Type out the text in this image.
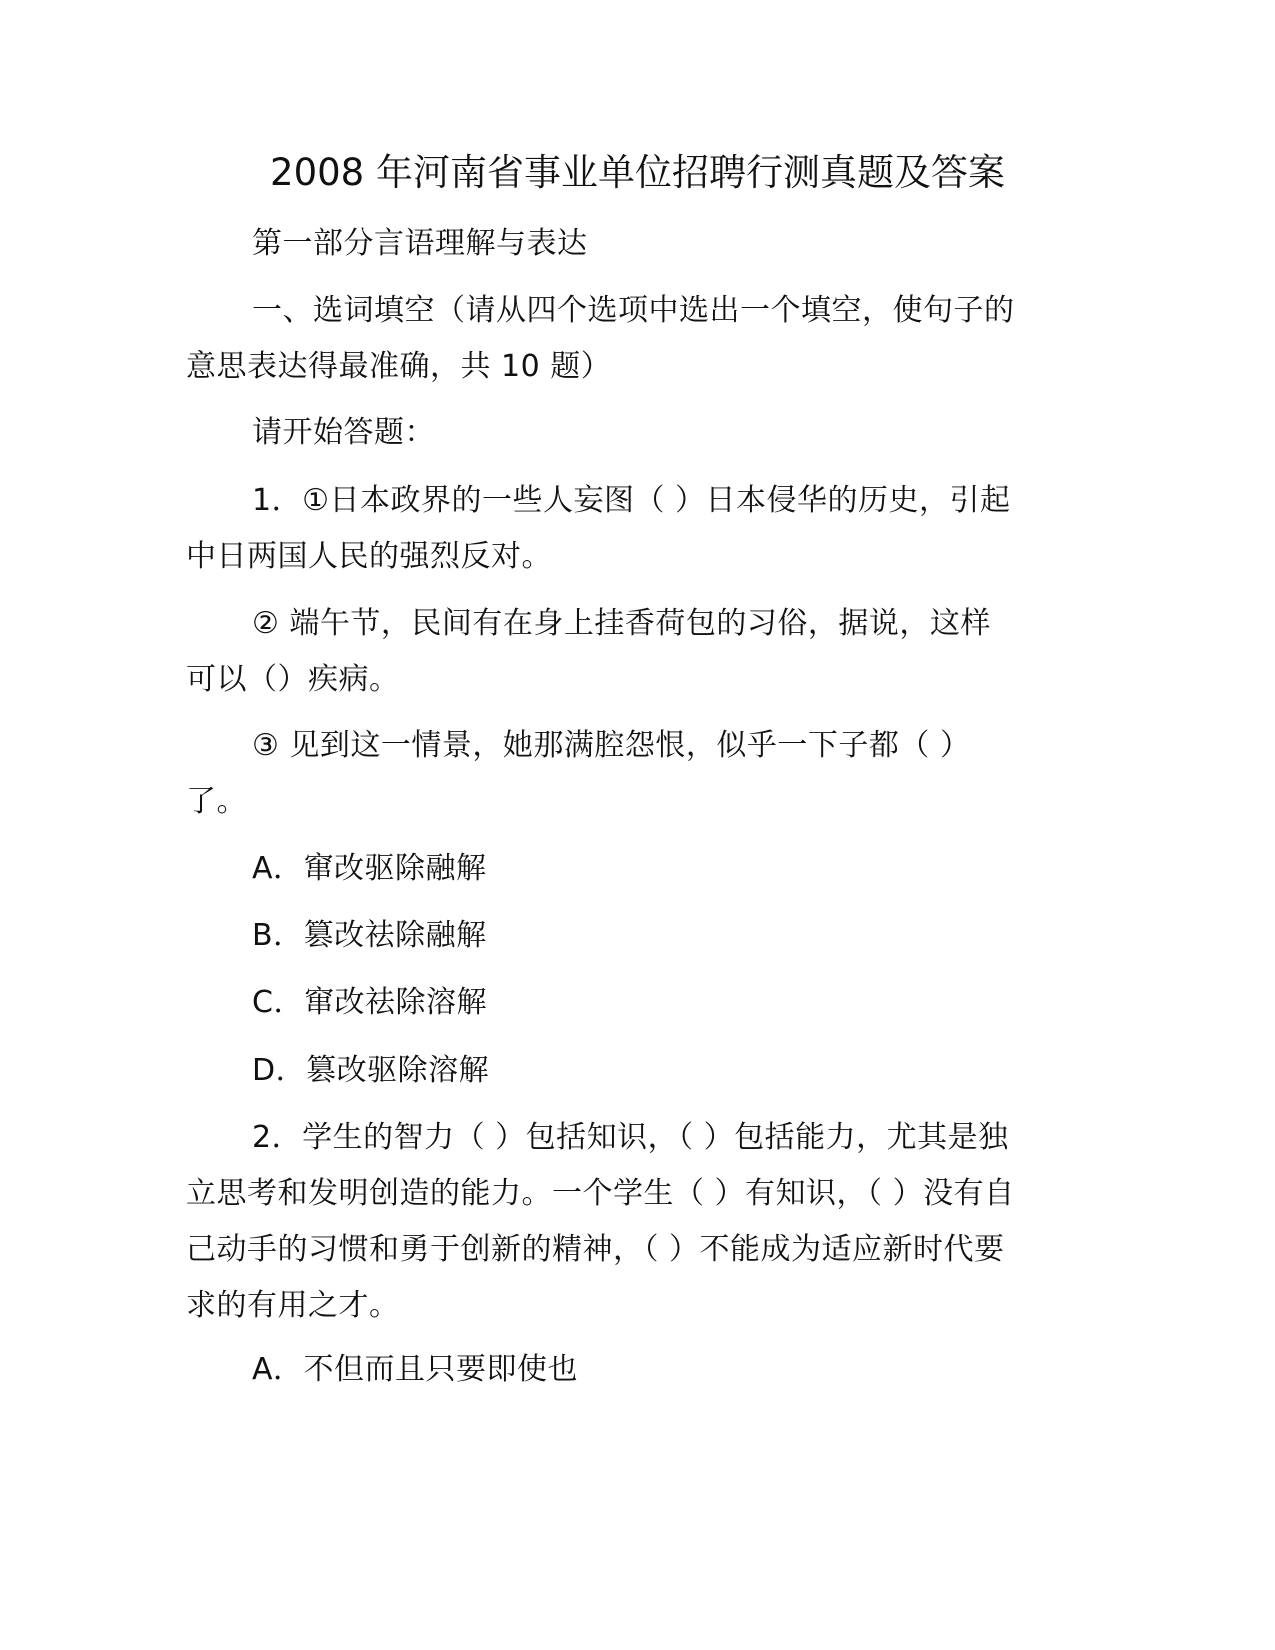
2008 年河南省事业单位招聘行测真题及答案
第一部分言语理解与表达
一、选词填空（请从四个选项中选出一个填空，使句子的
意思表达得最准确，共 10 题）
请开始答题：
1．①日本政界的一些人妄图（ ）日本侵华的历史，引起
中日两国人民的强烈反对。
② 端午节，民间有在身上挂香荷包的习俗，据说，这样
可以（）疾病。
③ 见到这一情景，她那满腔怨恨，似乎一下子都（ ）
了。
A．窜改驱除融解
B．篡改祛除融解
C．窜改祛除溶解
D．篡改驱除溶解
2．学生的智力（ ）包括知识，（ ）包括能力，尤其是独
立思考和发明创造的能力。一个学生（ ）有知识，（ ）没有自
己动手的习惯和勇于创新的精神，（ ）不能成为适应新时代要
求的有用之才。
A．不但而且只要即使也
